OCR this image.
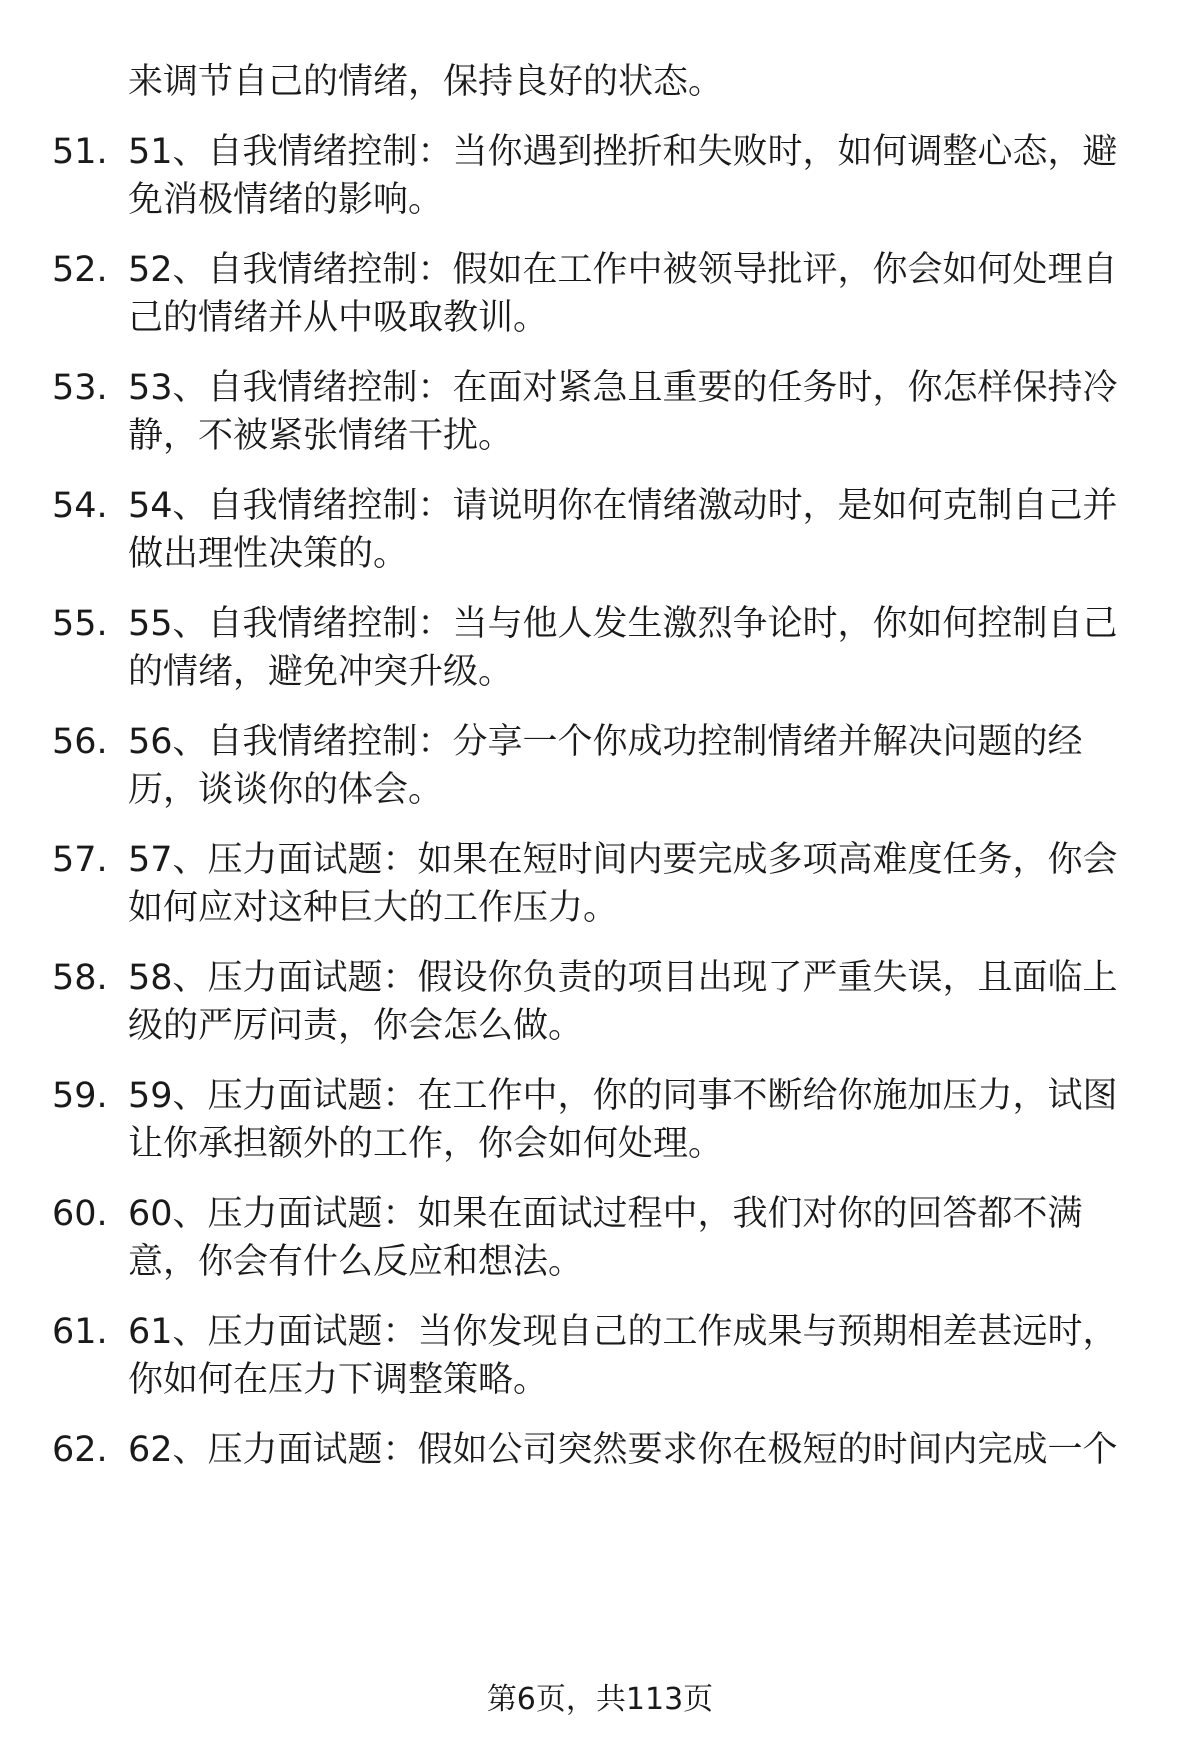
来调节自己的情绪，保持良好的状态。
51. 51、自我情绪控制：当你遇到挫折和失败时，如何调整心态，避
免消极情绪的影响。
52. 52、自我情绪控制：假如在工作中被领导批评，你会如何处理自
己的情绪并从中吸取教训。
53. 53、自我情绪控制：在面对紧急且重要的任务时，你怎样保持冷
静，不被紧张情绪干扰。
54. 54、自我情绪控制：请说明你在情绪激动时，是如何克制自己并
做出理性决策的。
55. 55、自我情绪控制：当与他人发生激烈争论时，你如何控制自己
的情绪，避免冲突升级。
56. 56、自我情绪控制：分享一个你成功控制情绪并解决问题的经
历，谈谈你的体会。
57. 57、压力面试题：如果在短时间内要完成多项高难度任务，你会
如何应对这种巨大的工作压力。
58. 58、压力面试题：假设你负责的项目出现了严重失误，且面临上
级的严厉问责，你会怎么做。
59. 59、压力面试题：在工作中，你的同事不断给你施加压力，试图
让你承担额外的工作，你会如何处理。
60. 60、压力面试题：如果在面试过程中，我们对你的回答都不满
意，你会有什么反应和想法。
61. 61、压力面试题：当你发现自己的工作成果与预期相差甚远时，
你如何在压力下调整策略。
62. 62、压力面试题：假如公司突然要求你在极短的时间内完成一个
第6页，共113页
